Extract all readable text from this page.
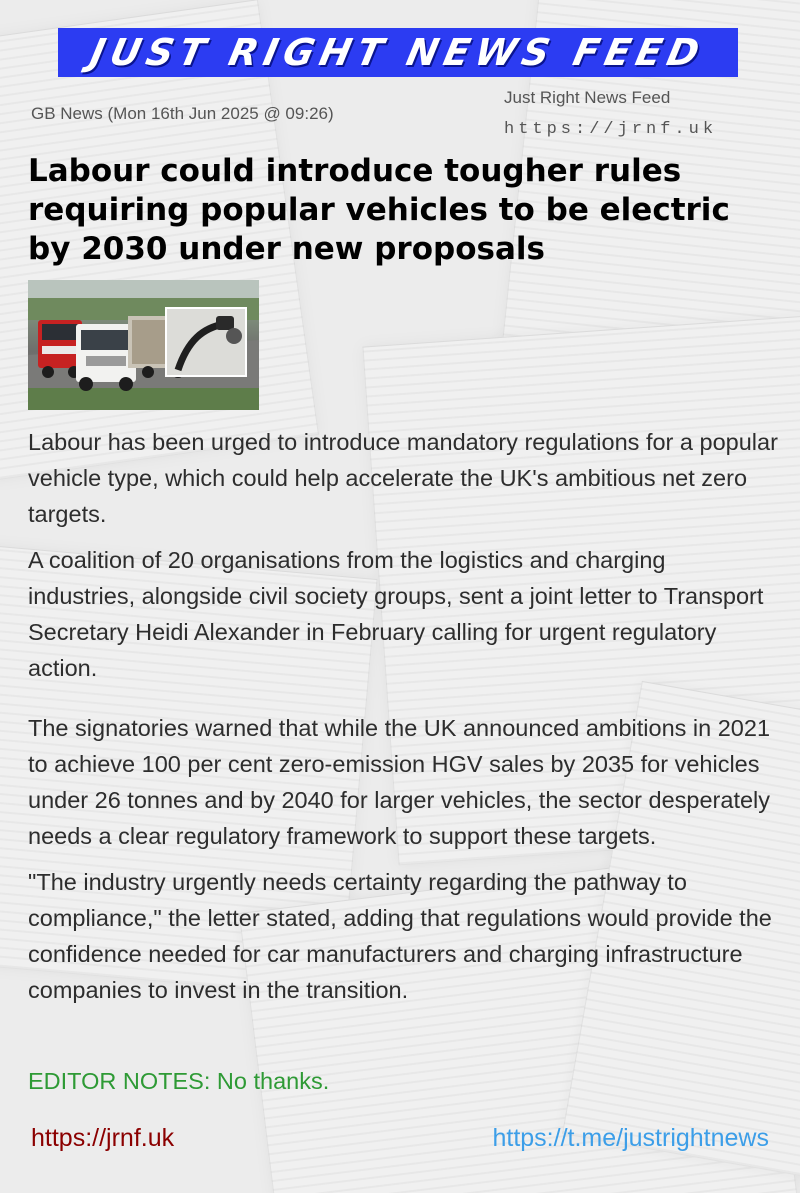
JUST RIGHT NEWS FEED
GB News (Mon 16th Jun 2025 @ 09:26)
Just Right News Feed
https://jrnf.uk
Labour could introduce tougher rules requiring popular vehicles to be electric by 2030 under new proposals

Labour has been urged to introduce mandatory regulations for a popular vehicle type, which could help accelerate the UK's ambitious net zero targets.

A coalition of 20 organisations from the logistics and charging industries, alongside civil society groups, sent a joint letter to Transport Secretary Heidi Alexander in February calling for urgent regulatory action.

The signatories warned that while the UK announced ambitions in 2021 to achieve 100 per cent zero-emission HGV sales by 2035 for vehicles under 26 tonnes and by 2040 for larger vehicles, the sector desperately needs a clear regulatory framework to support these targets.

"The industry urgently needs certainty regarding the pathway to compliance," the letter stated, adding that regulations would provide the confidence needed for car manufacturers and charging infrastructure companies to invest in the transition.

EDITOR NOTES: No thanks.
https://jrnf.uk	https://t.me/justrightnews
